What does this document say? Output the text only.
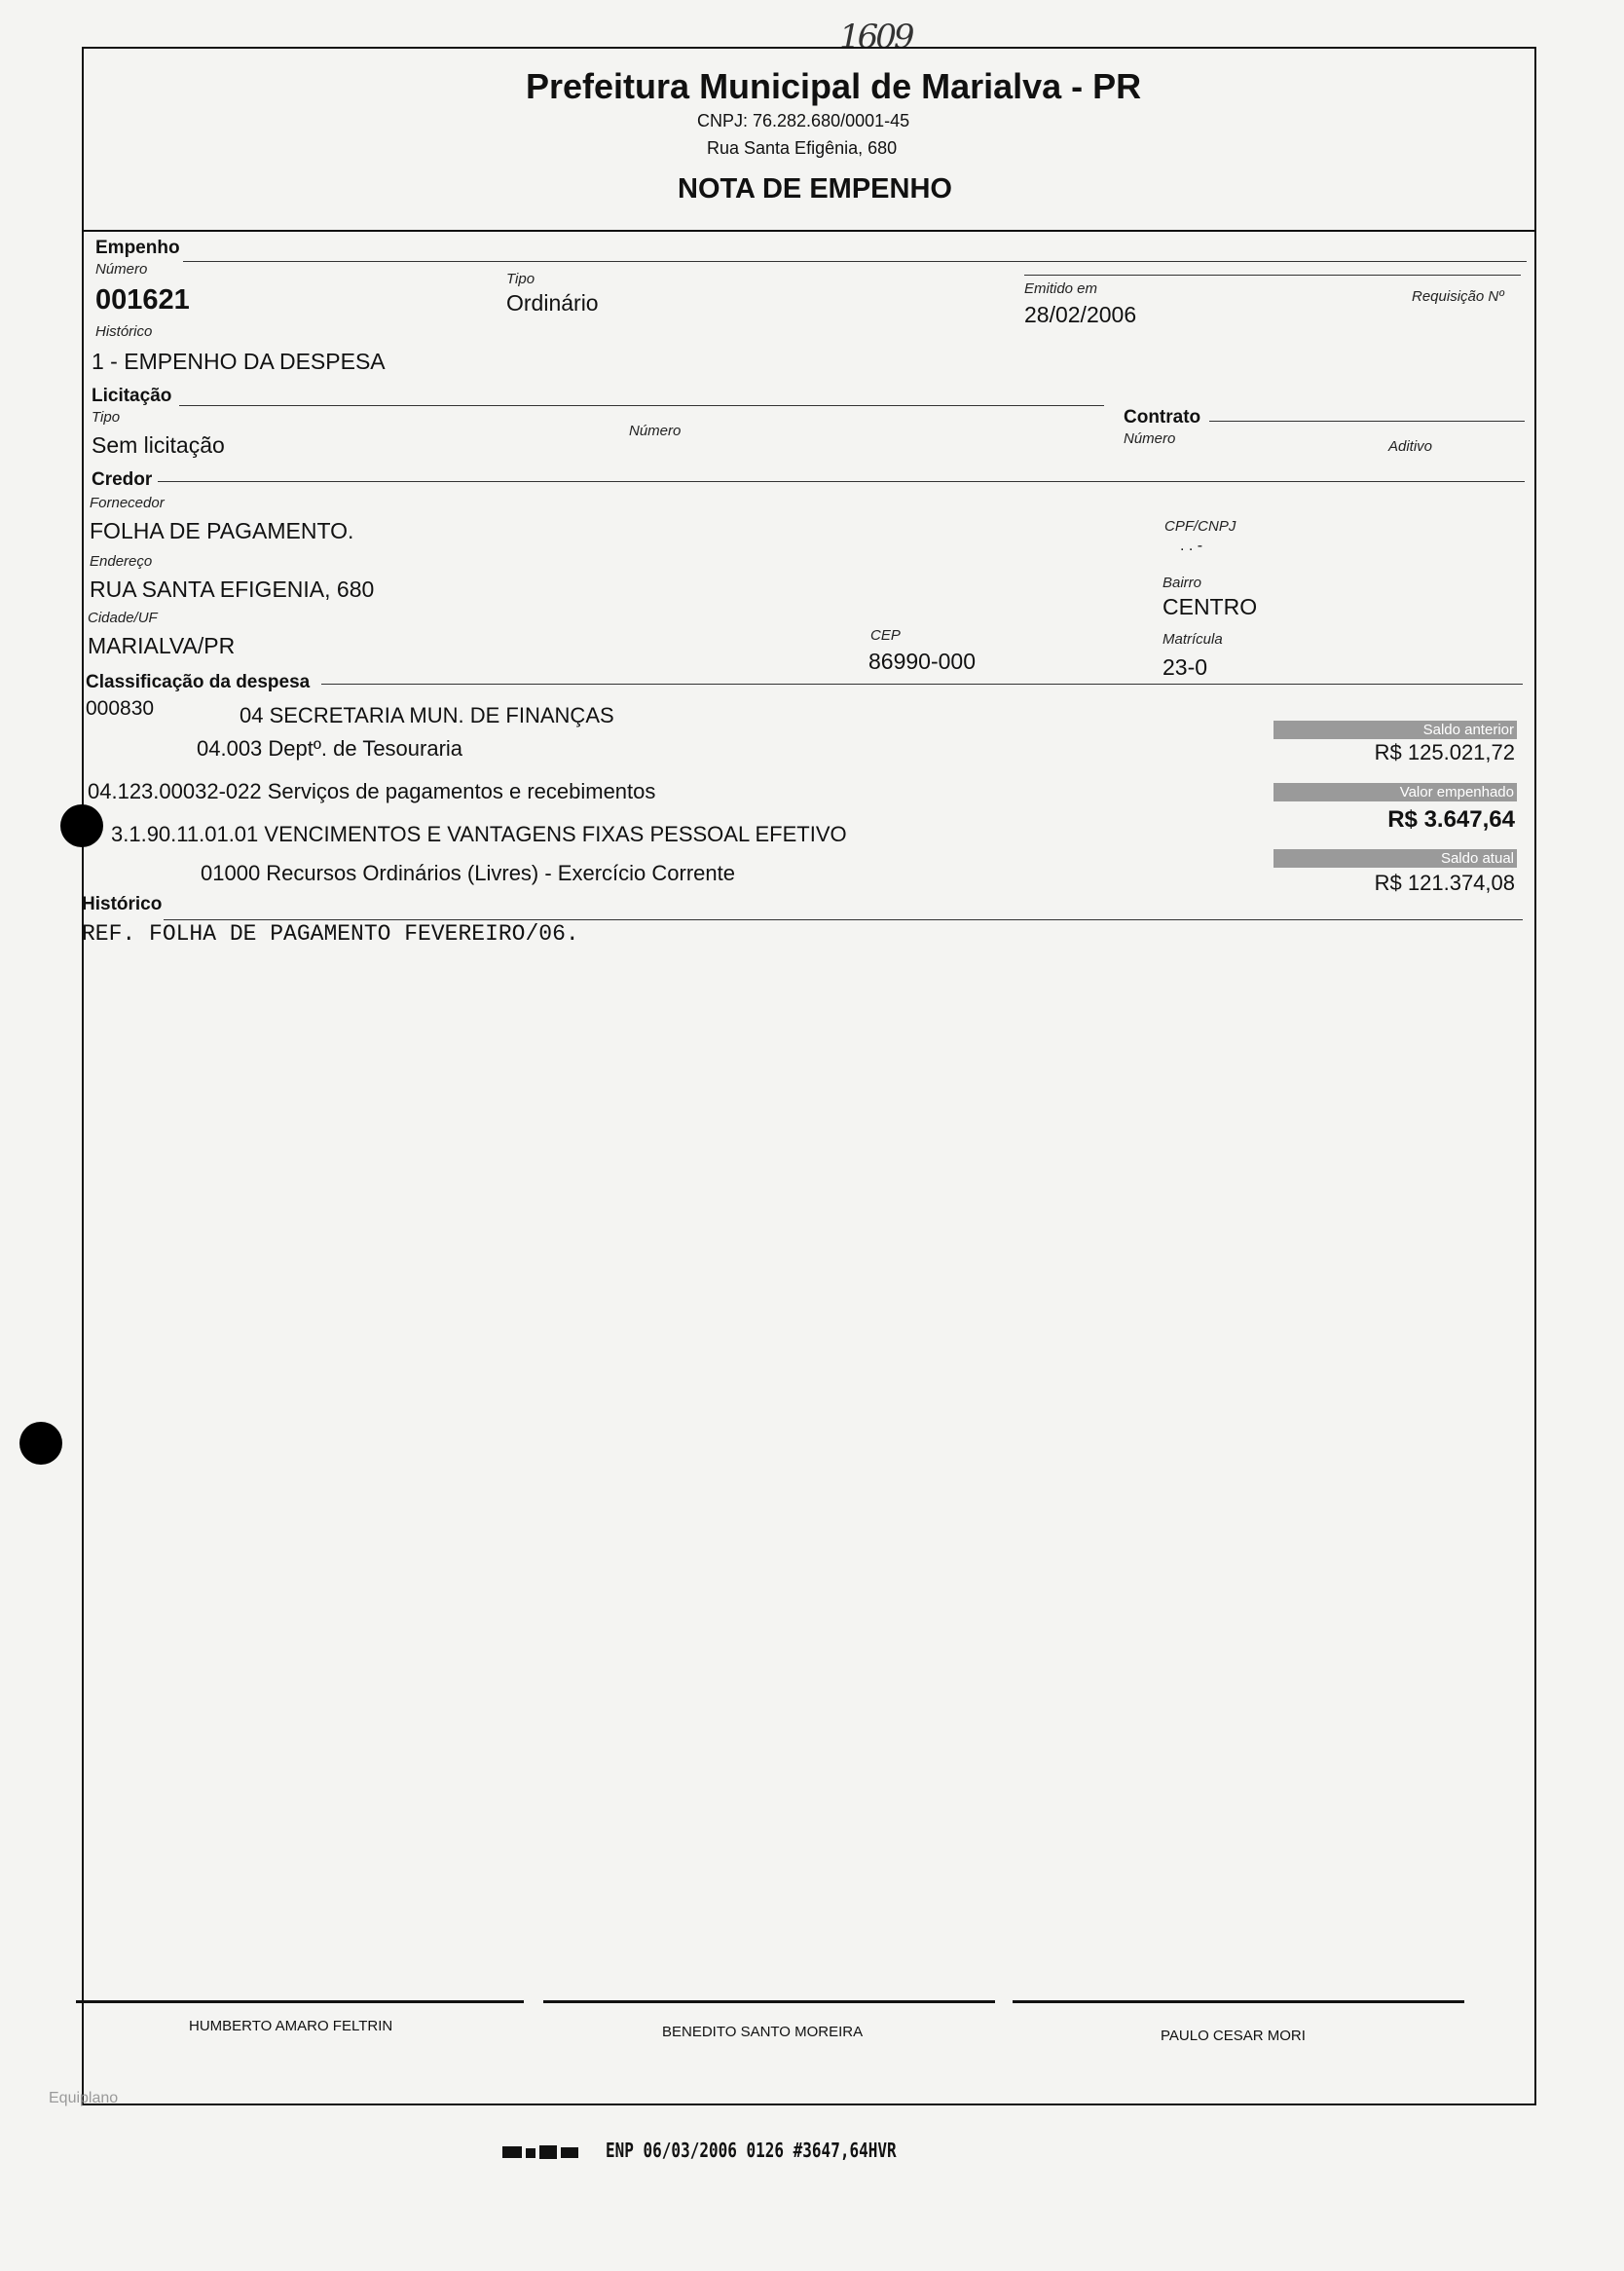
1609
Prefeitura Municipal de Marialva - PR
CNPJ: 76.282.680/0001-45
Rua Santa Efigênia, 680
NOTA DE EMPENHO
Empenho
Número
001621
Tipo
Ordinário
Emitido em
28/02/2006
Requisição Nº
Histórico
1 - EMPENHO DA DESPESA
Licitação
Tipo
Sem licitação
Número
Contrato
Número	Aditivo
Credor
Fornecedor
FOLHA DE PAGAMENTO.	CPF/CNPJ
. . -
Endereço
RUA SANTA EFIGENIA, 680	Bairro
CENTRO
Cidade/UF
MARIALVA/PR	CEP
86990-000
Matrícula
23-0
Classificação da despesa
000830	04 SECRETARIA MUN. DE FINANÇAS
04.003 Deptº. de Tesouraria
04.123.00032-022 Serviços de pagamentos e recebimentos
3.1.90.11.01.01 VENCIMENTOS E VANTAGENS FIXAS PESSOAL EFETIVO
01000 Recursos Ordinários (Livres) - Exercício Corrente
Saldo anterior
R$ 125.021,72
Valor empenhado
R$ 3.647,64
Saldo atual
R$ 121.374,08
Histórico
REF. FOLHA DE PAGAMENTO FEVEREIRO/06.
HUMBERTO AMARO FELTRIN	BENEDITO SANTO MOREIRA	PAULO CESAR MORI
Equiplano
ENP 06/03/2006 0126 #3647,64HVR
